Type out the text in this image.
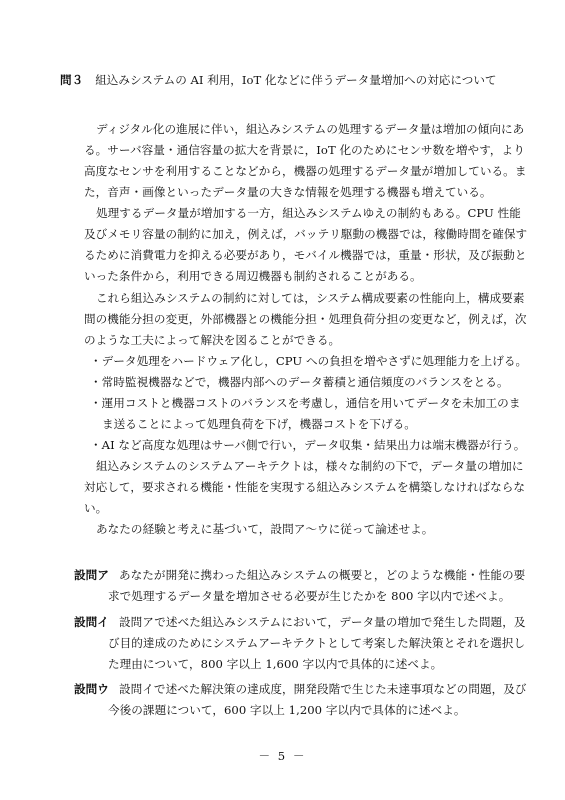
問３ 組込みシステムの AI 利用，IoT 化などに伴うデータ量増加への対応について
ディジタル化の進展に伴い，組込みシステムの処理するデータ量は増加の傾向にあ
る。サーバ容量・通信容量の拡大を背景に，IoT 化のためにセンサ数を増やす，より
高度なセンサを利用することなどから，機器の処理するデータ量が増加している。ま
た，音声・画像といったデータ量の大きな情報を処理する機器も増えている。
処理するデータ量が増加する一方，組込みシステムゆえの制約もある。CPU 性能
及びメモリ容量の制約に加え，例えば，バッテリ駆動の機器では，稼働時間を確保す
るために消費電力を抑える必要があり，モバイル機器では，重量・形状，及び振動と
いった条件から，利用できる周辺機器も制約されることがある。
これら組込みシステムの制約に対しては，システム構成要素の性能向上，構成要素
間の機能分担の変更，外部機器との機能分担・処理負荷分担の変更など，例えば，次
のような工夫によって解決を図ることができる。
・データ処理をハードウェア化し，CPU への負担を増やさずに処理能力を上げる。
・常時監視機器などで，機器内部へのデータ蓄積と通信頻度のバランスをとる。
・運用コストと機器コストのバランスを考慮し，通信を用いてデータを未加工のま
ま送ることによって処理負荷を下げ，機器コストを下げる。
・AI など高度な処理はサーバ側で行い，データ収集・結果出力は端末機器が行う。
組込みシステムのシステムアーキテクトは，様々な制約の下で，データ量の増加に
対応して，要求される機能・性能を実現する組込みシステムを構築しなければならな
い。
あなたの経験と考えに基づいて，設問ア～ウに従って論述せよ。
設問ア あなたが開発に携わった組込みシステムの概要と，どのような機能・性能の要
求で処理するデータ量を増加させる必要が生じたかを 800 字以内で述べよ。
設問イ 設問アで述べた組込みシステムにおいて，データ量の増加で発生した問題，及
び目的達成のためにシステムアーキテクトとして考案した解決策とそれを選択し
た理由について，800 字以上 1,600 字以内で具体的に述べよ。
設問ウ 設問イで述べた解決策の達成度，開発段階で生じた未達事項などの問題，及び
今後の課題について，600 字以上 1,200 字以内で具体的に述べよ。
－ 5 －
